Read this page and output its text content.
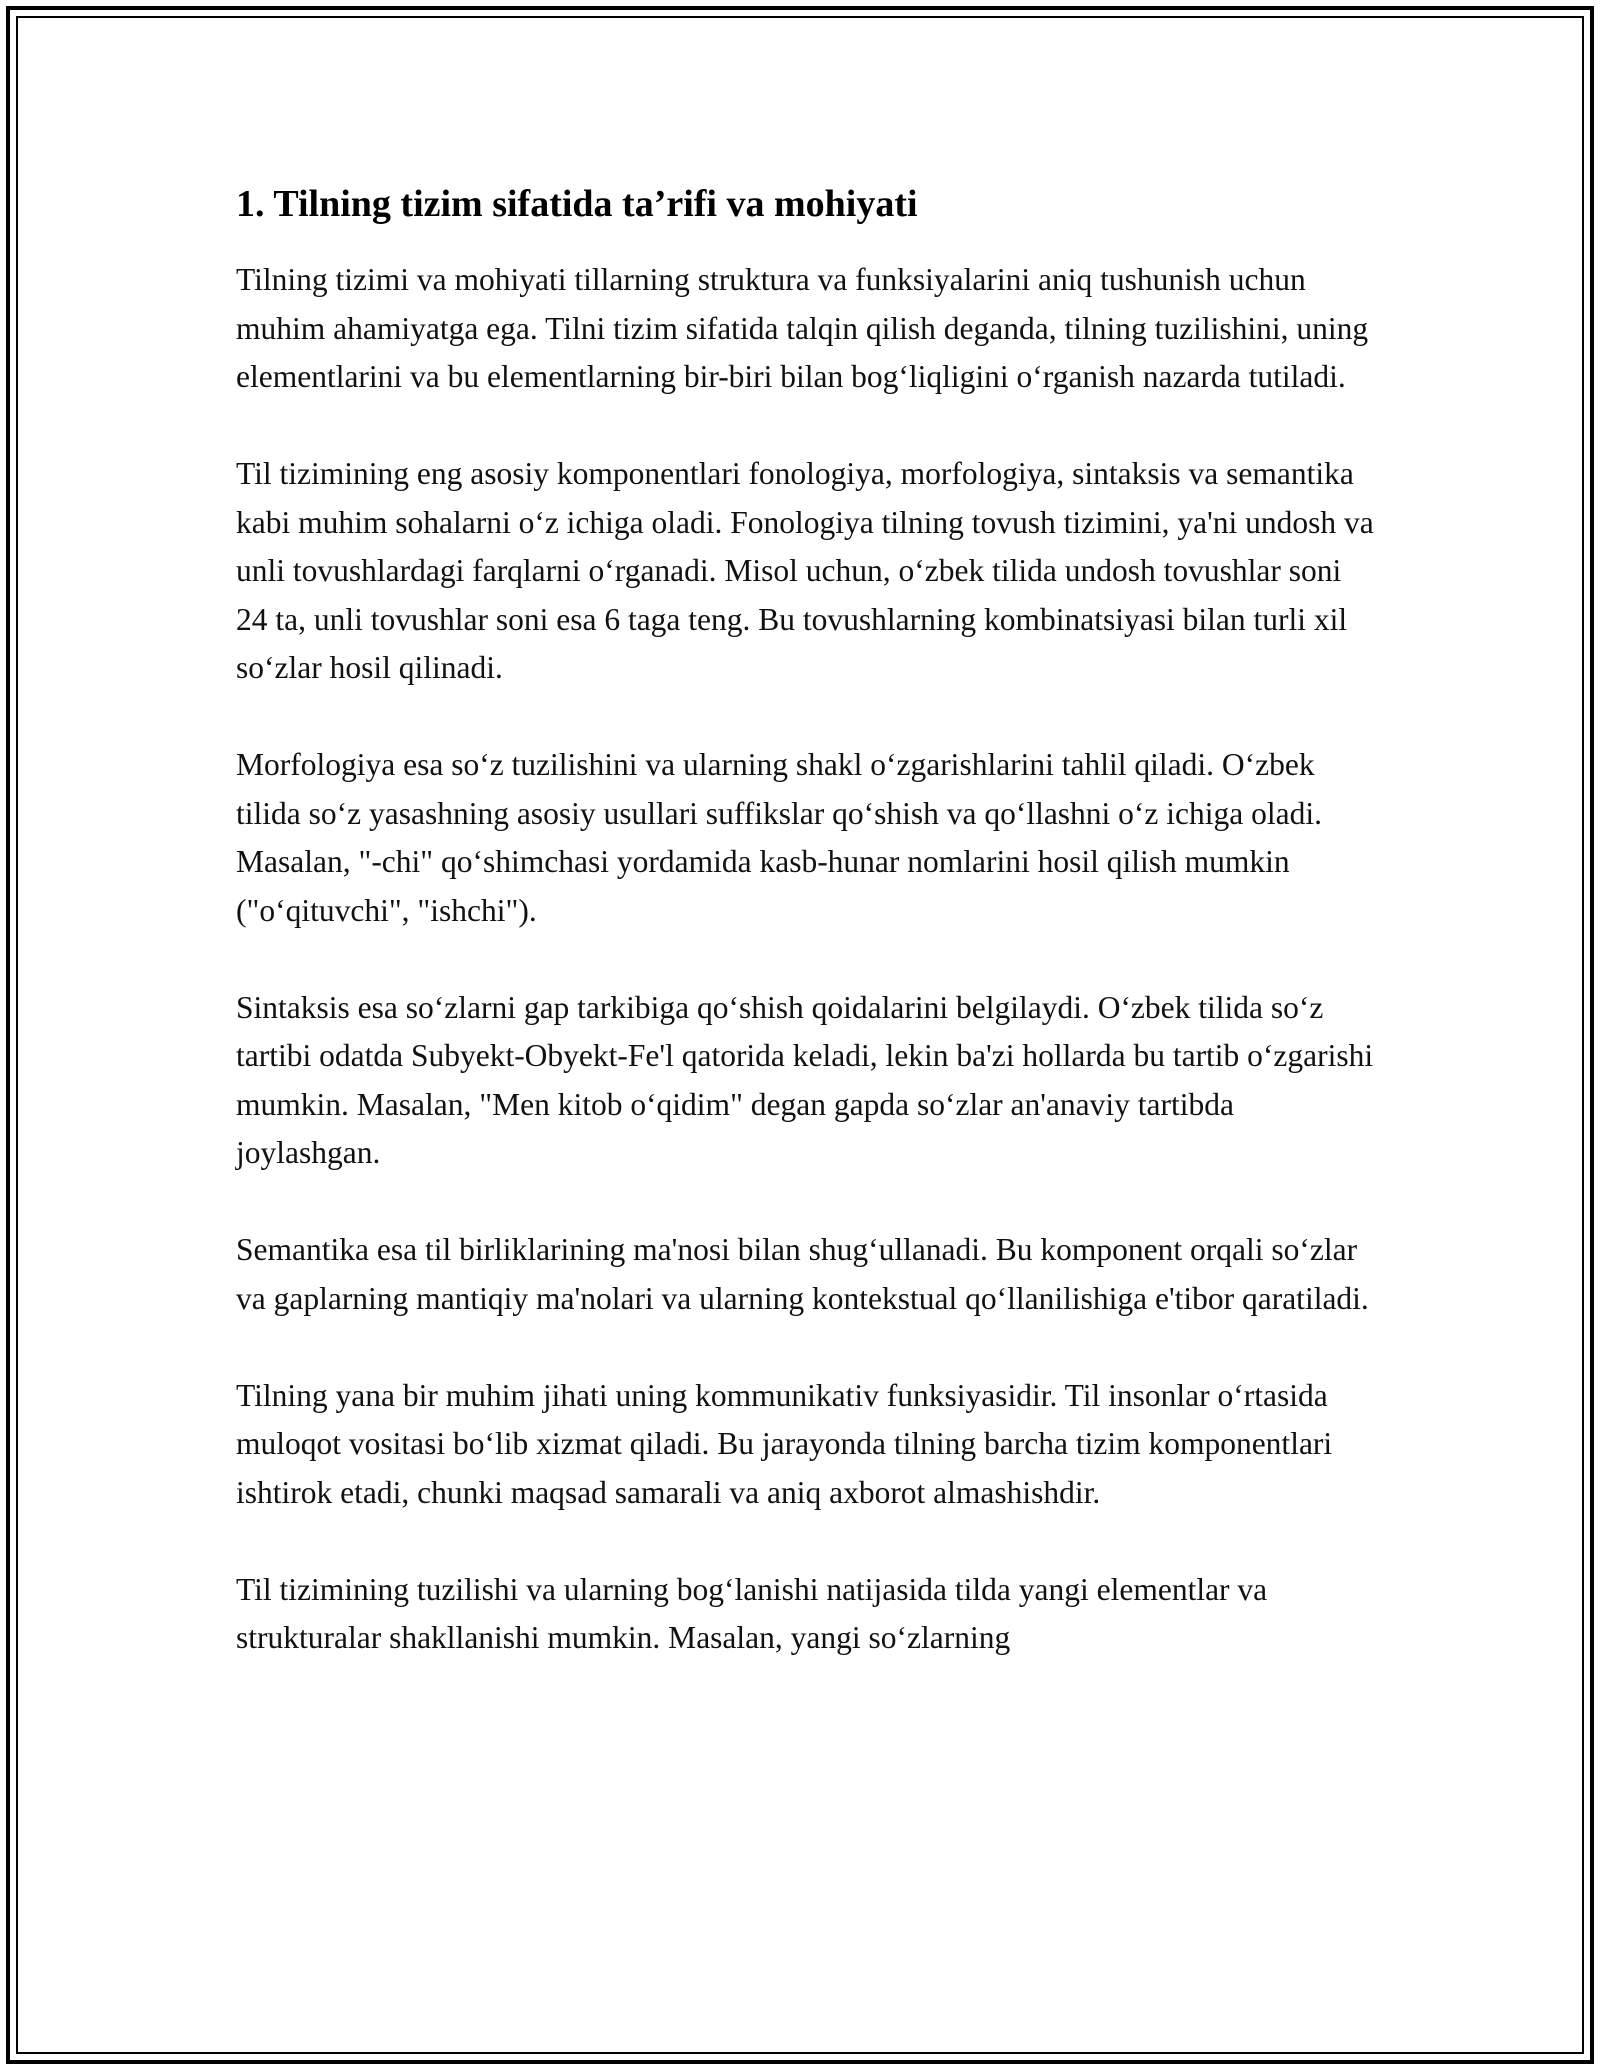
1. Tilning tizim sifatida ta’rifi va mohiyati

Tilning tizimi va mohiyati tillarning struktura va funksiyalarini aniq tushunish uchun muhim ahamiyatga ega. Tilni tizim sifatida talqin qilish deganda, tilning tuzilishini, uning elementlarini va bu elementlarning bir-biri bilan bog‘liqligini o‘rganish nazarda tutiladi.

Til tizimining eng asosiy komponentlari fonologiya, morfologiya, sintaksis va semantika kabi muhim sohalarni o‘z ichiga oladi. Fonologiya tilning tovush tizimini, ya'ni undosh va unli tovushlardagi farqlarni o‘rganadi. Misol uchun, o‘zbek tilida undosh tovushlar soni 24 ta, unli tovushlar soni esa 6 taga teng. Bu tovushlarning kombinatsiyasi bilan turli xil so‘zlar hosil qilinadi.

Morfologiya esa so‘z tuzilishini va ularning shakl o‘zgarishlarini tahlil qiladi. O‘zbek tilida so‘z yasashning asosiy usullari suffikslar qo‘shish va qo‘llashni o‘z ichiga oladi. Masalan, "-chi" qo‘shimchasi yordamida kasb-hunar nomlarini hosil qilish mumkin ("o‘qituvchi", "ishchi").

Sintaksis esa so‘zlarni gap tarkibiga qo‘shish qoidalarini belgilaydi. O‘zbek tilida so‘z tartibi odatda Subyekt-Obyekt-Fe'l qatorida keladi, lekin ba'zi hollarda bu tartib o‘zgarishi mumkin. Masalan, "Men kitob o‘qidim" degan gapda so‘zlar an'anaviy tartibda joylashgan.

Semantika esa til birliklarining ma'nosi bilan shug‘ullanadi. Bu komponent orqali so‘zlar va gaplarning mantiqiy ma'nolari va ularning kontekstual qo‘llanilishiga e'tibor qaratiladi.

Tilning yana bir muhim jihati uning kommunikativ funksiyasidir. Til insonlar o‘rtasida muloqot vositasi bo‘lib xizmat qiladi. Bu jarayonda tilning barcha tizim komponentlari ishtirok etadi, chunki maqsad samarali va aniq axborot almashishdir.

Til tizimining tuzilishi va ularning bog‘lanishi natijasida tilda yangi elementlar va strukturalar shakllanishi mumkin. Masalan, yangi so‘zlarning
